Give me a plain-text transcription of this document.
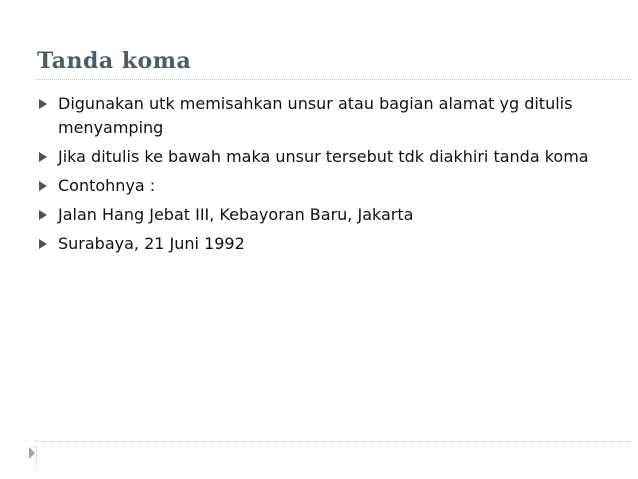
Tanda koma
Digunakan utk memisahkan unsur atau bagian alamat yg ditulis menyamping
Jika ditulis ke bawah maka unsur tersebut tdk diakhiri tanda koma
Contohnya :
Jalan Hang Jebat III, Kebayoran Baru, Jakarta
Surabaya, 21 Juni 1992
